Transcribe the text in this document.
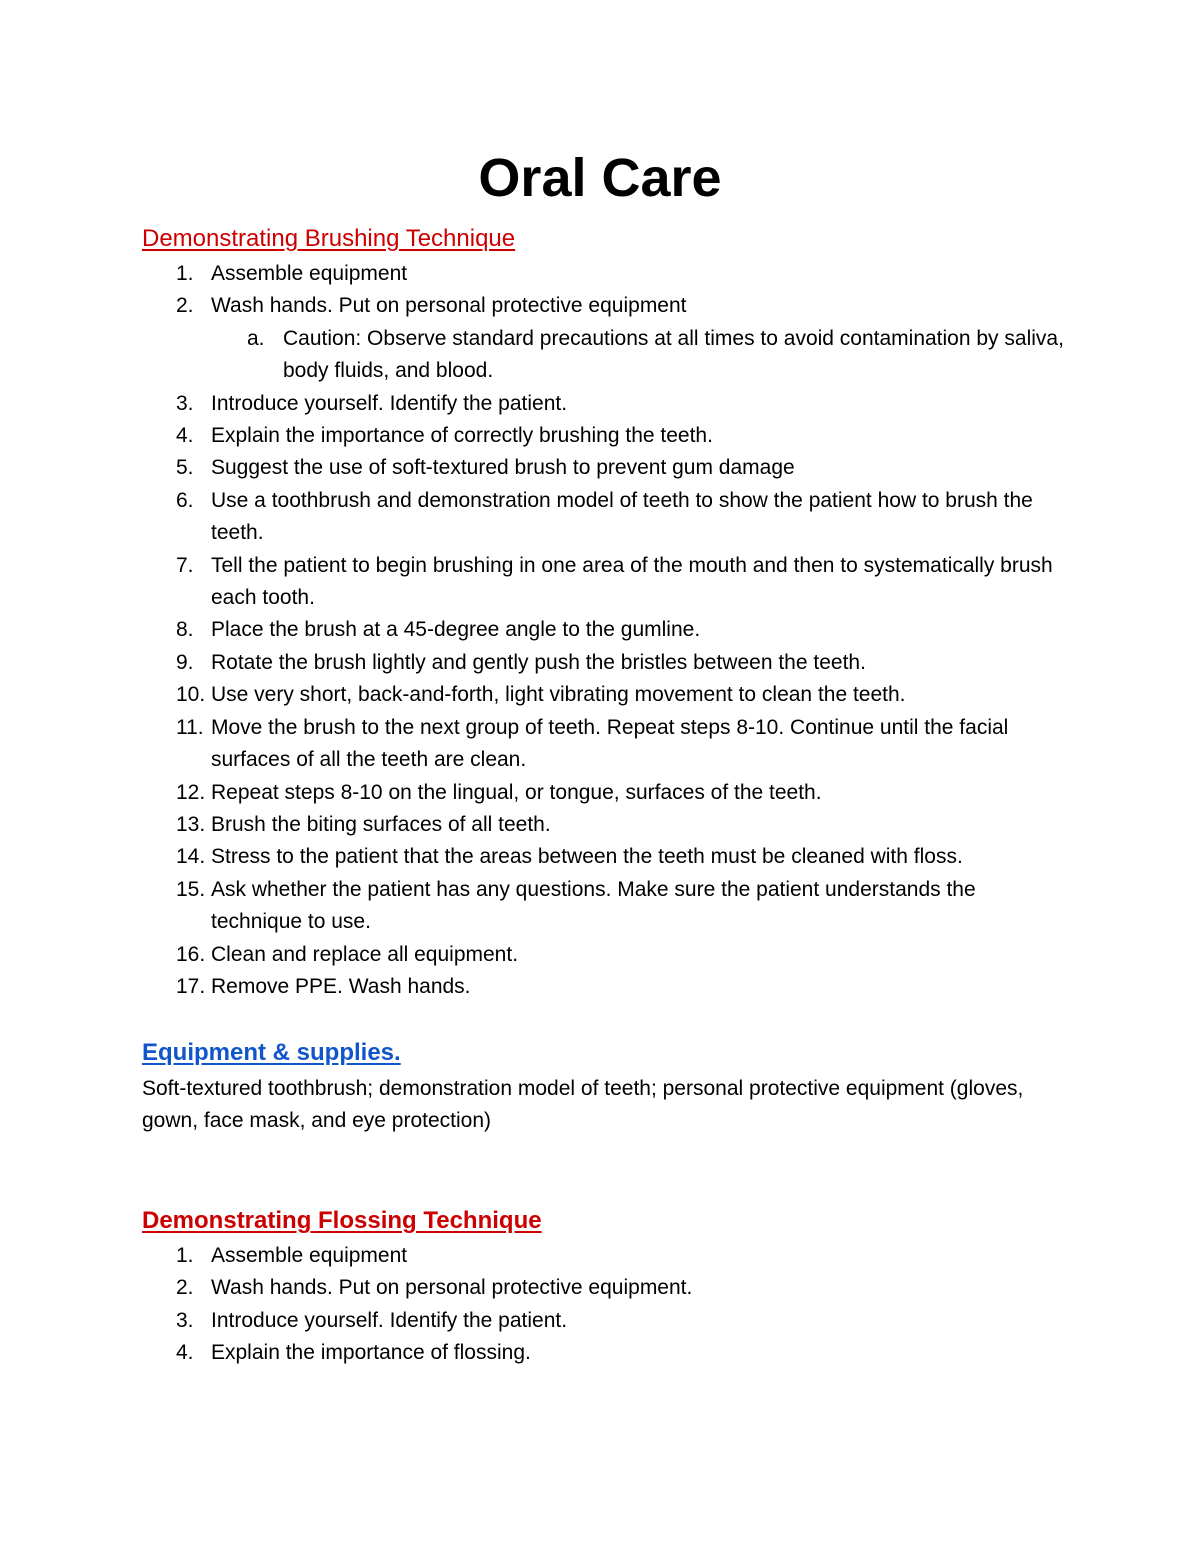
Oral Care
Demonstrating Brushing Technique
1. Assemble equipment
2. Wash hands. Put on personal protective equipment
a. Caution: Observe standard precautions at all times to avoid contamination by saliva, body fluids, and blood.
3. Introduce yourself. Identify the patient.
4. Explain the importance of correctly brushing the teeth.
5. Suggest the use of soft-textured brush to prevent gum damage
6. Use a toothbrush and demonstration model of teeth to show the patient how to brush the teeth.
7. Tell the patient to begin brushing in one area of the mouth and then to systematically brush each tooth.
8. Place the brush at a 45-degree angle to the gumline.
9. Rotate the brush lightly and gently push the bristles between the teeth.
10. Use very short, back-and-forth, light vibrating movement to clean the teeth.
11. Move the brush to the next group of teeth. Repeat steps 8-10. Continue until the facial surfaces of all the teeth are clean.
12. Repeat steps 8-10 on the lingual, or tongue, surfaces of the teeth.
13. Brush the biting surfaces of all teeth.
14. Stress to the patient that the areas between the teeth must be cleaned with floss.
15. Ask whether the patient has any questions. Make sure the patient understands the technique to use.
16. Clean and replace all equipment.
17. Remove PPE. Wash hands.
Equipment & supplies.

Soft-textured toothbrush; demonstration model of teeth; personal protective equipment (gloves, gown, face mask, and eye protection)

Demonstrating Flossing Technique
1. Assemble equipment
2. Wash hands. Put on personal protective equipment.
3. Introduce yourself. Identify the patient.
4. Explain the importance of flossing.
